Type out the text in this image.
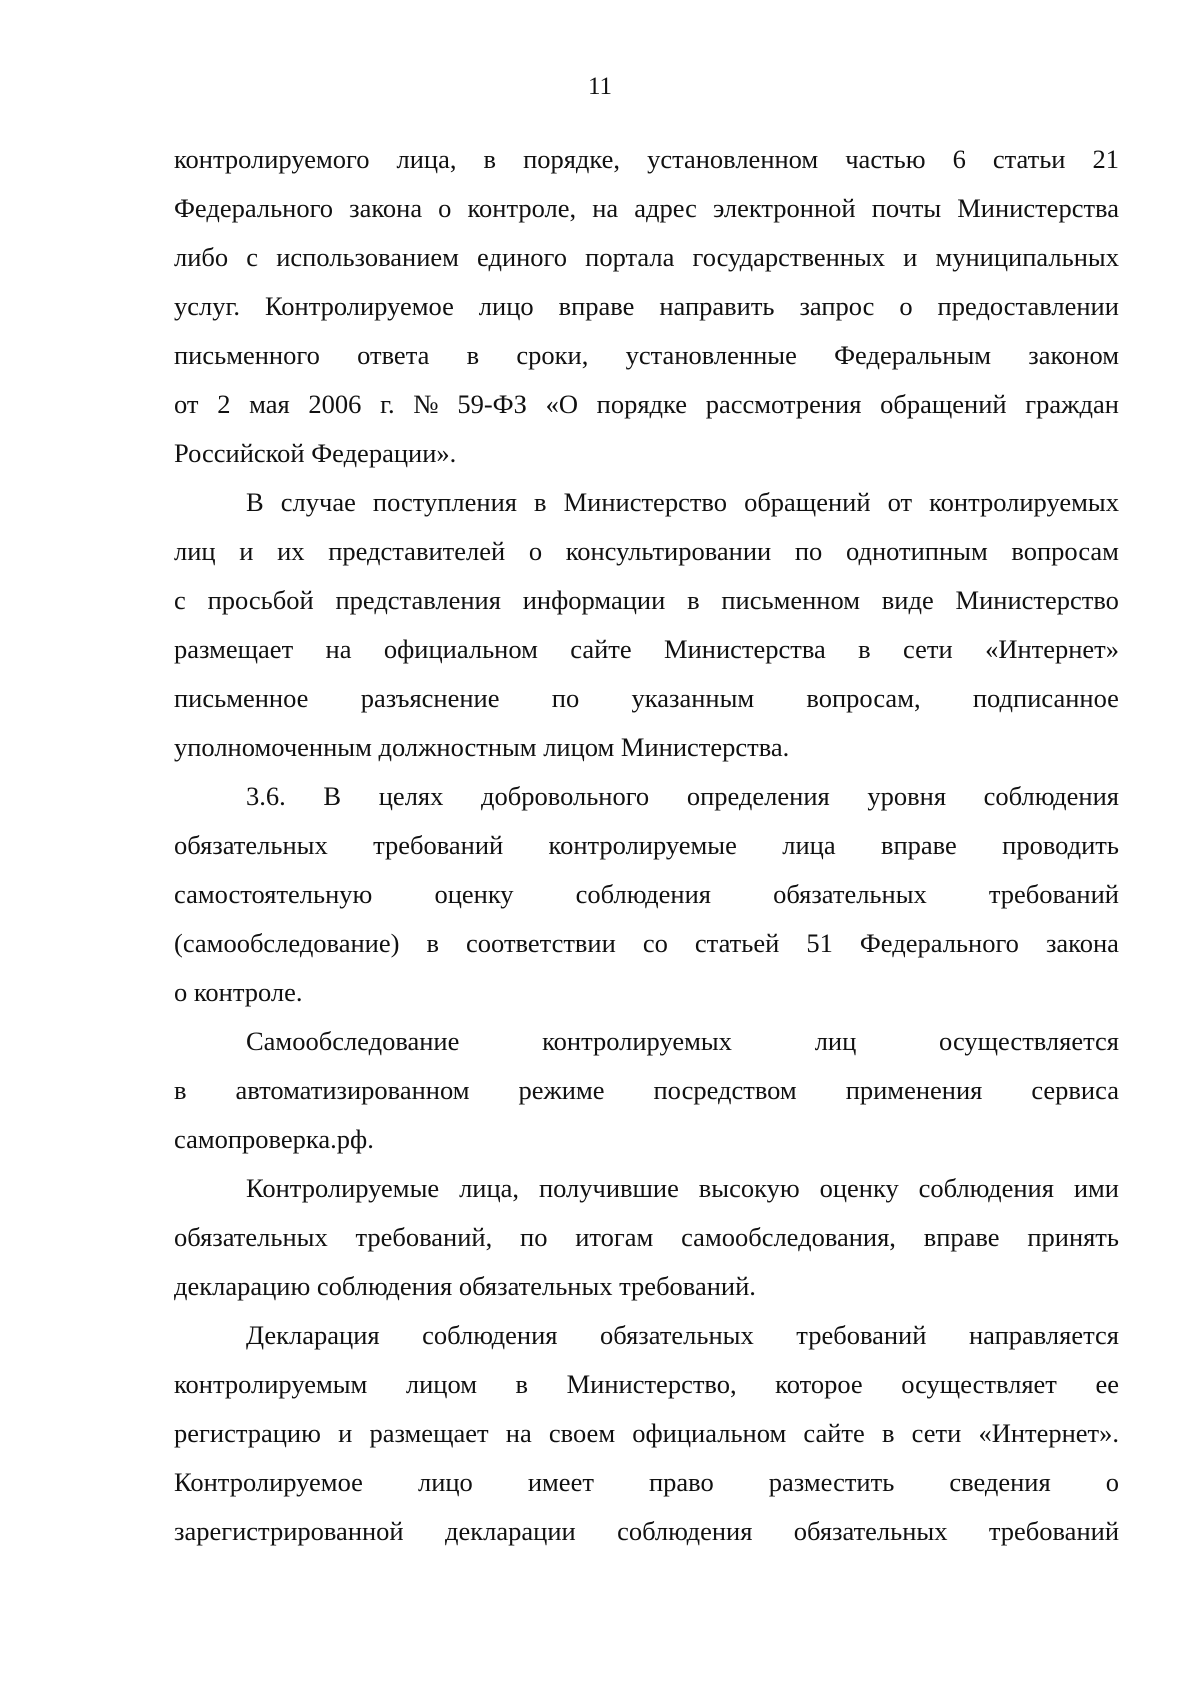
11
контролируемого лица, в порядке, установленном частью 6 статьи 21
Федерального закона о контроле, на адрес электронной почты Министерства
либо с использованием единого портала государственных и муниципальных
услуг. Контролируемое лицо вправе направить запрос о предоставлении
письменного ответа в сроки, установленные Федеральным законом
от 2 мая 2006 г. № 59-ФЗ «О порядке рассмотрения обращений граждан
Российской Федерации».
В случае поступления в Министерство обращений от контролируемых
лиц и их представителей о консультировании по однотипным вопросам
с просьбой представления информации в письменном виде Министерство
размещает на официальном сайте Министерства в сети «Интернет»
письменное разъяснение по указанным вопросам, подписанное
уполномоченным должностным лицом Министерства.
3.6. В целях добровольного определения уровня соблюдения
обязательных требований контролируемые лица вправе проводить
самостоятельную оценку соблюдения обязательных требований
(самообследование) в соответствии со статьей 51 Федерального закона
о контроле.
Самообследование	контролируемых	лиц	осуществляется
в автоматизированном режиме посредством применения сервиса
самопроверка.рф.
Контролируемые лица, получившие высокую оценку соблюдения ими
обязательных требований, по итогам самообследования, вправе принять
декларацию соблюдения обязательных требований.
Декларация соблюдения обязательных требований направляется
контролируемым лицом в Министерство, которое осуществляет ее
регистрацию и размещает на своем официальном сайте в сети «Интернет».
Контролируемое лицо имеет право разместить сведения о
зарегистрированной декларации соблюдения обязательных требований
